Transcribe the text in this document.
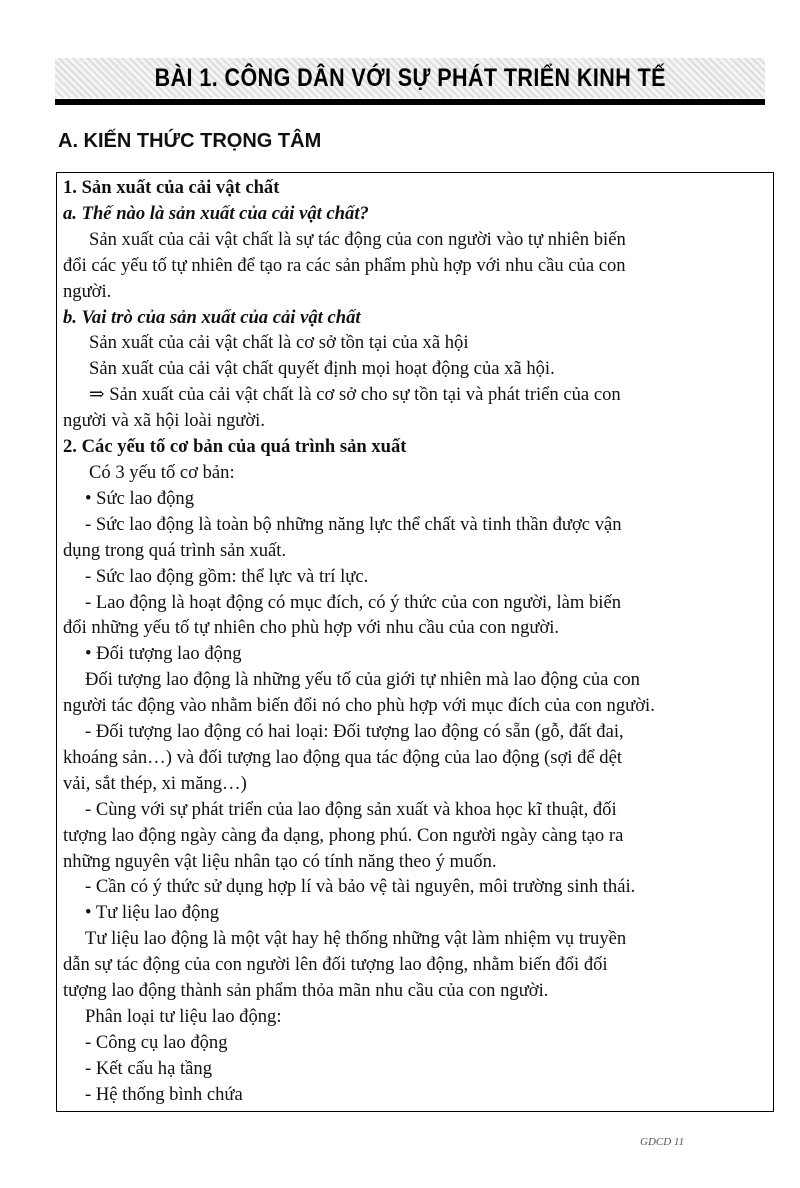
BÀI 1. CÔNG DÂN VỚI SỰ PHÁT TRIỂN KINH TẾ
A. KIẾN THỨC TRỌNG TÂM
1. Sản xuất của cải vật chất
a. Thế nào là sản xuất của cải vật chất?
Sản xuất của cải vật chất là sự tác động của con người vào tự nhiên biến
đổi các yếu tố tự nhiên để tạo ra các sản phẩm phù hợp với nhu cầu của con
người.
b. Vai trò của sản xuất của cải vật chất
Sản xuất của cải vật chất là cơ sở tồn tại của xã hội
Sản xuất của cải vật chất quyết định mọi hoạt động của xã hội.
⇒ Sản xuất của cải vật chất là cơ sở cho sự tồn tại và phát triển của con
người và xã hội loài người.
2. Các yếu tố cơ bản của quá trình sản xuất
Có 3 yếu tố cơ bản:
• Sức lao động
- Sức lao động là toàn bộ những năng lực thể chất và tinh thần được vận
dụng trong quá trình sản xuất.
- Sức lao động gồm: thể lực và trí lực.
- Lao động là hoạt động có mục đích, có ý thức của con người, làm biến
đổi những yếu tố tự nhiên cho phù hợp với nhu cầu của con người.
• Đối tượng lao động
Đối tượng lao động là những yếu tố của giới tự nhiên mà lao động của con
người tác động vào nhằm biến đổi nó cho phù hợp với mục đích của con người.
- Đối tượng lao động có hai loại: Đối tượng lao động có sẵn (gỗ, đất đai,
khoáng sản…) và đối tượng lao động qua tác động của lao động (sợi để dệt
vải, sắt thép, xi măng…)
- Cùng với sự phát triển của lao động sản xuất và khoa học kĩ thuật, đối
tượng lao động ngày càng đa dạng, phong phú. Con người ngày càng tạo ra
những nguyên vật liệu nhân tạo có tính năng theo ý muốn.
- Cần có ý thức sử dụng hợp lí và bảo vệ tài nguyên, môi trường sinh thái.
• Tư liệu lao động
Tư liệu lao động là một vật hay hệ thống những vật làm nhiệm vụ truyền
dẫn sự tác động của con người lên đối tượng lao động, nhằm biến đổi đối
tượng lao động thành sản phẩm thỏa mãn nhu cầu của con người.
Phân loại tư liệu lao động:
- Công cụ lao động
- Kết cấu hạ tầng
- Hệ thống bình chứa
GDCD 11
